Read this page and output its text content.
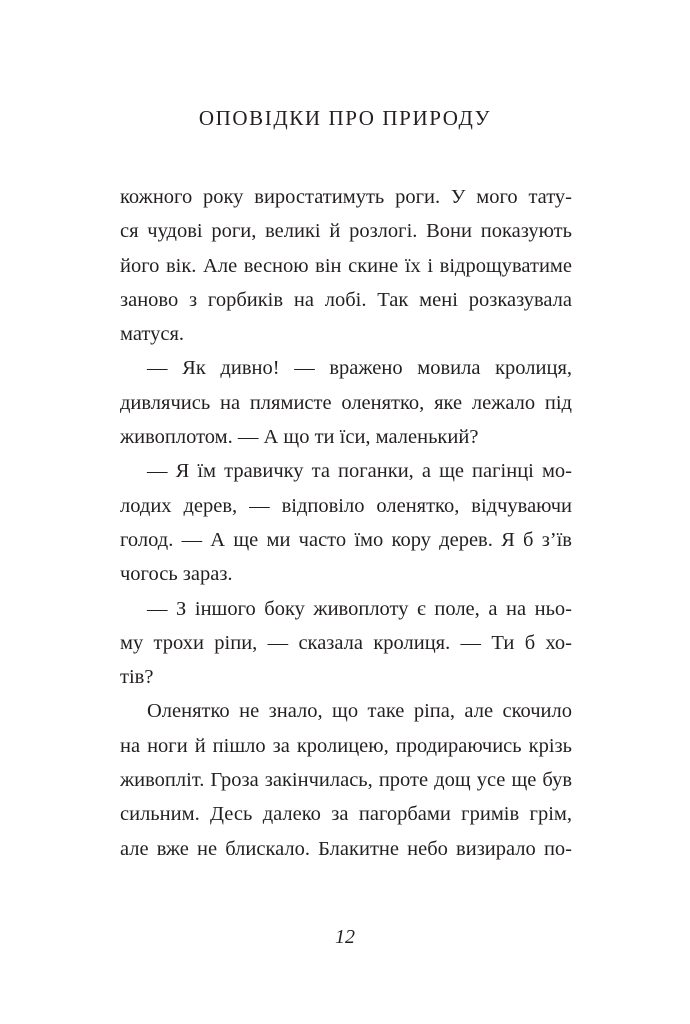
ОПОВІДКИ ПРО ПРИРОДУ
кожного року виростатимуть роги. У мого тату-
ся чудові роги, великі й розлогі. Вони показують
його вік. Але весною він скине їх і відрощуватиме
заново з горбиків на лобі. Так мені розказувала
матуся.
— Як дивно! — вражено мовила кролиця,
дивлячись на плямисте оленятко, яке лежало під
живоплотом. — А що ти їси, маленький?
— Я їм травичку та поганки, а ще пагінці мо-
лодих дерев, — відповіло оленятко, відчуваючи
голод. — А ще ми часто їмо кору дерев. Я б з’їв
чогось зараз.
— З іншого боку живоплоту є поле, а на ньо-
му трохи ріпи, — сказала кролиця. — Ти б хо-
тів?
Оленятко не знало, що таке ріпа, але скочило
на ноги й пішло за кролицею, продираючись крізь
живопліт. Гроза закінчилась, проте дощ усе ще був
сильним. Десь далеко за пагорбами гримів грім,
але вже не блискало. Блакитне небо визирало по-
12
